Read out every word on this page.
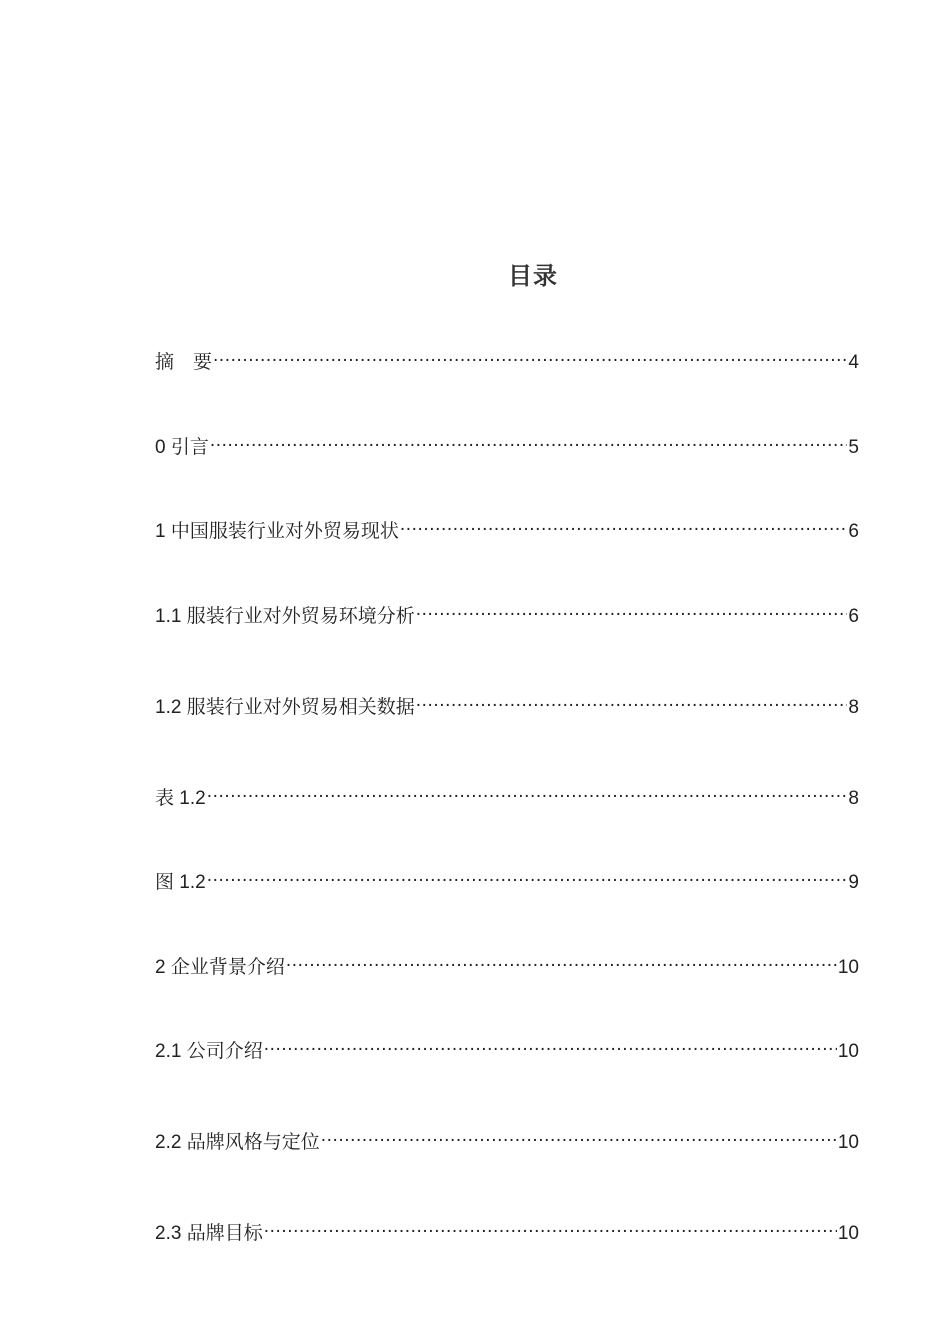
目录
摘　要 .....	4
0 引言 .....	5
1 中国服装行业对外贸易现状 .....	6
1.1 服装行业对外贸易环境分析 .....	6
1.2 服装行业对外贸易相关数据 .....	8
表 1.2 .....	8
图 1.2 .....	9
2 企业背景介绍 .....	10
2.1 公司介绍 .....	10
2.2 品牌风格与定位 .....	10
2.3 品牌目标 .....	10
